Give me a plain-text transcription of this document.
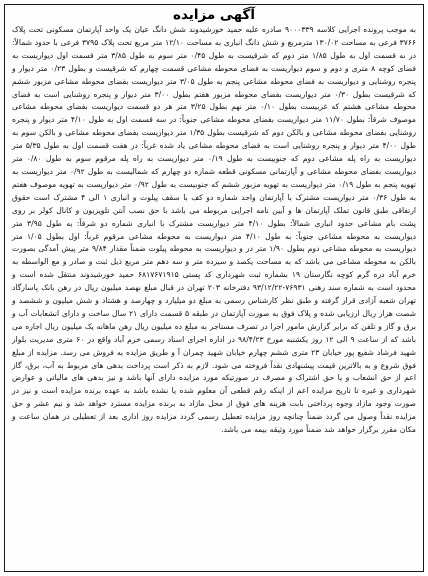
آگهی مزایده

به موجب پرونده اجرایی کلاسه ۹۰۰۰۳۳۹ صادره علیه حمید خورشیدوند شش دانگ عیان یک واحد آپارتمان مسکونی تحت پلاک ۳۷۶۶ فرعی به مساحت ۱۳۰/۰۲ مترمربع و شش دانگ انباری به مساحت ۱۲/۱۰ متر مربع تحت پلاک ۳۷۹۵ فرعی با حدود شمالاً: در نه قسمت اول به طول ۱/۸۵ متر دوم که شرقیست به طول ۰/۴۵ متر سوم به طول ۳/۸۵ متر قسمت اول دیواریست به فضای کوچه ۸ متری و دوم و سوم دیواریست به فضای محوطه مشاعی قسمت چهارم که شرقیست و بطول ۰/۲۳ متر دیوار و پنجره روشنایی و دیواریست به فضای محوطه مشاعی پنجم به طول ۳/۰۵ متر دیواریست بفضای محوطه مشاعی مزبور ششم که شرقیست بطول ۰/۳۰ متر دیواریست بفضای محوطه مزبور هفتم بطول ۳/۰۰ متر دیوار و پنجره روشنایی است به فضای محوطه مشاعی هشتم که غربیست بطول ۰/۱۰ متر نهم بطول ۳/۲۵ متر هر دو قسمت دیواریست بفضای محوطه مشاعی موصوف شرقاً: بطول ۱۱/۷۰ متر دیواریست بفضای محوطه مشاعی جنوباً: در سه قسمت اول به طول ۴/۱۰ متر دیوار و پنجره روشنایی بفضای محوطه مشاعی و بالکن دوم که شرقیست بطول ۱/۳۵ متر دیواریست بفضای محوطه مشاعی و بالکن سوم به طول ۴/۰۰ متر دیوار و پنجره روشنایی است به فضای محوطه مشاعی یاد شده غرباً: در هفت قسمت اول به طول ۵/۳۵ متر دیواریست به راه پله مشاعی دوم که جنوبیست به طول ۰/۱۹ متر دیواریست به راه پله مرقوم سوم به طول ۰/۸۰ متر دیواریست بفضای محوطه مشاعی و آپارتمانی مسکونی قطعه شماره دو چهارم که شمالیست به طول ۰/۹۲ متر دیواریست به تهویه پنجم به طول ۰/۱۹ متر دیواریست به تهویه مزبور ششم که جنوبیست به طول ۰/۹۲ متر دیواریست به تهویه موصوف هفتم به طول ۰/۳۶ متر دیواریست مشترک با آپارتمان واحد شماره دو کف با سقف پیلوت و انباری ۱ الی ۴ مشترک است حقوق ارتفاقی طبق قانون تملک آپارتمان ها و آیین نامه اجرایی مربوطه می باشد با حق نصب آنتن تلویزیون و کانال کولر بر روی پشت بام مشاعی حدود انباری شمالاً: بطول ۴/۱۰ متر دیواریست مشترک با انباری شماره دو شرقاً: به طول ۳/۹۵ متر دیواریست به محوطه مشاعی جنوباً: به طول ۴/۱۰ متر دیواریست به محوطه مشاعی مرقوم غرباً: اول بطول ۱/۰۵ متر دیواریست به محوطه مشاعی دوم بطول ۱/۹۰ متر در و دیواریست به محوطه پیلوت ضمناً مقدار ۹/۸۴ متر پیش آمدگی بصورت بالکن به محوطه مشاعی می باشد که به مساحت یکصد و سیزده متر و سه دهم متر مربع ذیل ثبت و صادر و مع الواسطه به خرم آباد دره گرم کوچه نگارستان ۱۹ بشماره ثبت شهرداری کد پستی ۶۸۱۷۶۷۱۹۱۵ حمید خورشیدوند منتقل شده است و محدود است به شماره سند رهنی ۷۶۹۳۱-۹۳/۱۲/۲۲ دفترخانه ۲۰۳ تهران در قبال مبلغ نهصد میلیون ریال در رهن بانک پاسارگاد تهران شعبه آزادی قرار گرفته و طبق نظر کارشناس رسمی به مبلغ دو میلیارد و چهارصد و هشتاد و شش میلیون و ششصد و شصت هزار ریال ارزیابی شده و پلاک فوق به صورت آپارتمان در طبقه ۵ قسمت دارای ۲۱ سال ساخت و دارای انشعابات آب و برق و گاز و تلفن که برابر گزارش مامور اجرا در تصرف مستاجر به مبلغ ده میلیون ریال رهن ماهانه یک میلیون ریال اجاره می باشد که از ساعت ۹ الی ۱۲ روز یکشنبه مورخ ۹۸/۴/۲۳ در اداره اجرای اسناد رسمی خرم آباد واقع در ۶۰ متری مدیریت بلوار شهید فرشاد شفیع پور خیابان ۲۳ متری ششم چهارم خیابان شهید چمران آ و طریق مزایده به فروش می رسد. مزایده از مبلغ فوق شروع و به بالاترین قیمت پیشنهادی نقداً فروخته می شود. لازم به ذکر است پرداخت بدهی های مربوط به آب، برق، گاز اعم از حق انشعاب و یا حق اشتراک و مصرف در صورتیکه مورد مزایده دارای آنها باشد و نیز بدهی های مالیاتی و عوارض شهرداری و غیره تا تاریخ مزایده اعم از اینکه رقم قطعی آن معلوم شده یا نشده باشد به عهده برنده مزایده است و نیز در صورت وجود مازاد وجوه پرداختی بابت هزینه های فوق از محل مازاد به برنده مزایده مسترد خواهد شد و نیم عشر و حق مزایده نقداً وصول می گردد ضمناً چنانچه روز مزایده تعطیل رسمی گردد مزایده روز اداری بعد از تعطیلی در همان ساعت و مکان مقرر برگزار خواهد شد ضمناً مورد وثیقه بیمه می باشد.
